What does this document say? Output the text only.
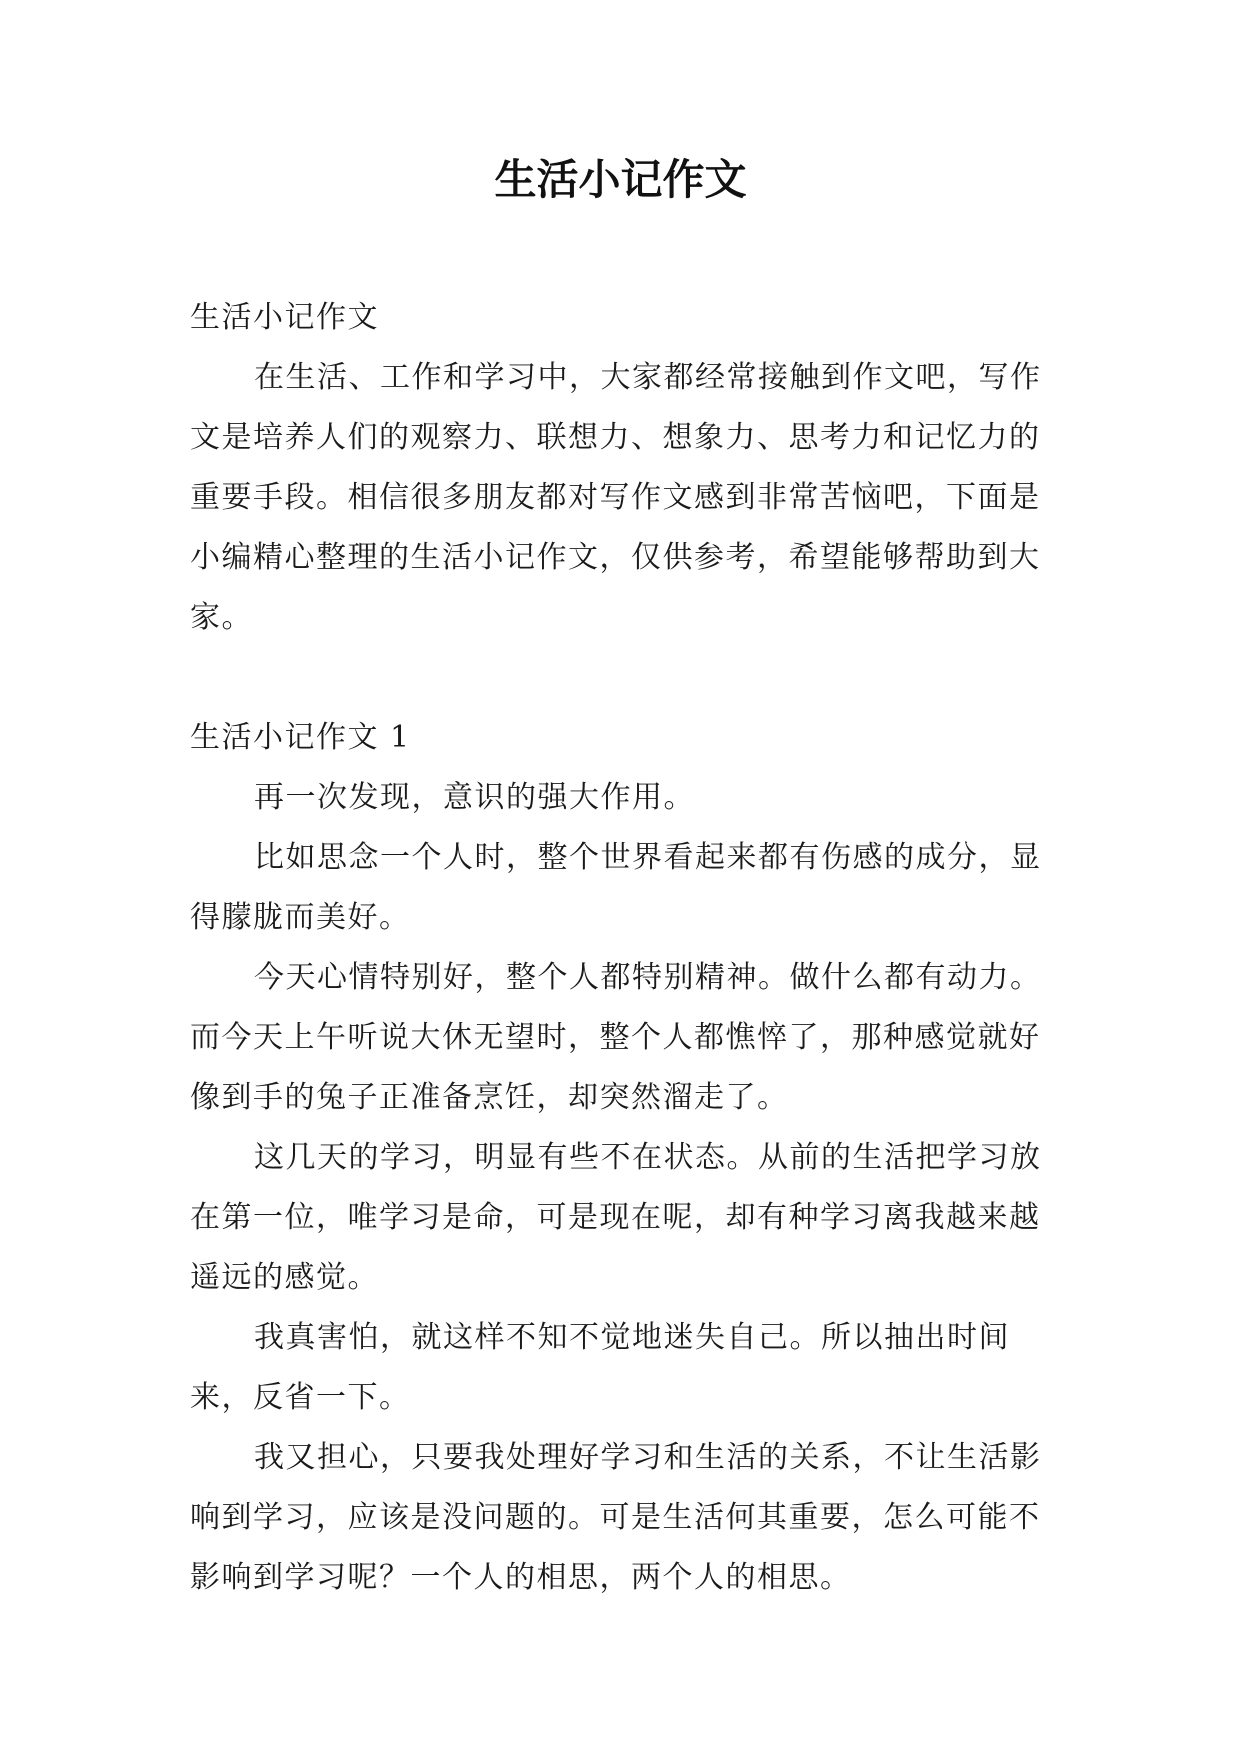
生活小记作文

生活小记作文

在生活、工作和学习中，大家都经常接触到作文吧，写作文是培养人们的观察力、联想力、想象力、思考力和记忆力的重要手段。相信很多朋友都对写作文感到非常苦恼吧，下面是小编精心整理的生活小记作文，仅供参考，希望能够帮助到大家。

生活小记作文 1

再一次发现，意识的强大作用。

比如思念一个人时，整个世界看起来都有伤感的成分，显得朦胧而美好。

今天心情特别好，整个人都特别精神。做什么都有动力。而今天上午听说大休无望时，整个人都憔悴了，那种感觉就好像到手的兔子正准备烹饪，却突然溜走了。

这几天的学习，明显有些不在状态。从前的生活把学习放在第一位，唯学习是命，可是现在呢，却有种学习离我越来越遥远的感觉。

我真害怕，就这样不知不觉地迷失自己。所以抽出时间来，反省一下。

我又担心，只要我处理好学习和生活的关系，不让生活影响到学习，应该是没问题的。可是生活何其重要，怎么可能不影响到学习呢？一个人的相思，两个人的相思。
